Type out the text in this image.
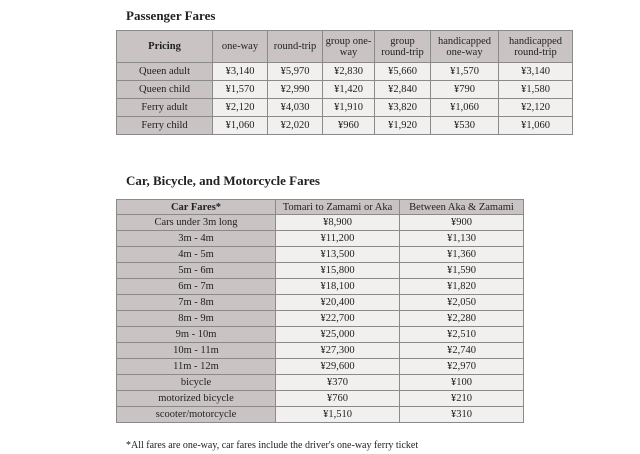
Passenger Fares
Pricing	one-way	round-trip	group one-way	group round-trip	handicapped one-way	handicapped round-trip
Queen adult	¥3,140	¥5,970	¥2,830	¥5,660	¥1,570	¥3,140
Queen child	¥1,570	¥2,990	¥1,420	¥2,840	¥790	¥1,580
Ferry adult	¥2,120	¥4,030	¥1,910	¥3,820	¥1,060	¥2,120
Ferry child	¥1,060	¥2,020	¥960	¥1,920	¥530	¥1,060
Car, Bicycle, and Motorcycle Fares
Car Fares*	Tomari to Zamami or Aka	Between Aka & Zamami
Cars under 3m long	¥8,900	¥900
3m - 4m	¥11,200	¥1,130
4m - 5m	¥13,500	¥1,360
5m - 6m	¥15,800	¥1,590
6m - 7m	¥18,100	¥1,820
7m - 8m	¥20,400	¥2,050
8m - 9m	¥22,700	¥2,280
9m - 10m	¥25,000	¥2,510
10m - 11m	¥27,300	¥2,740
11m - 12m	¥29,600	¥2,970
bicycle	¥370	¥100
motorized bicycle	¥760	¥210
scooter/motorcycle	¥1,510	¥310

*All fares are one-way, car fares include the driver's one-way ferry ticket
